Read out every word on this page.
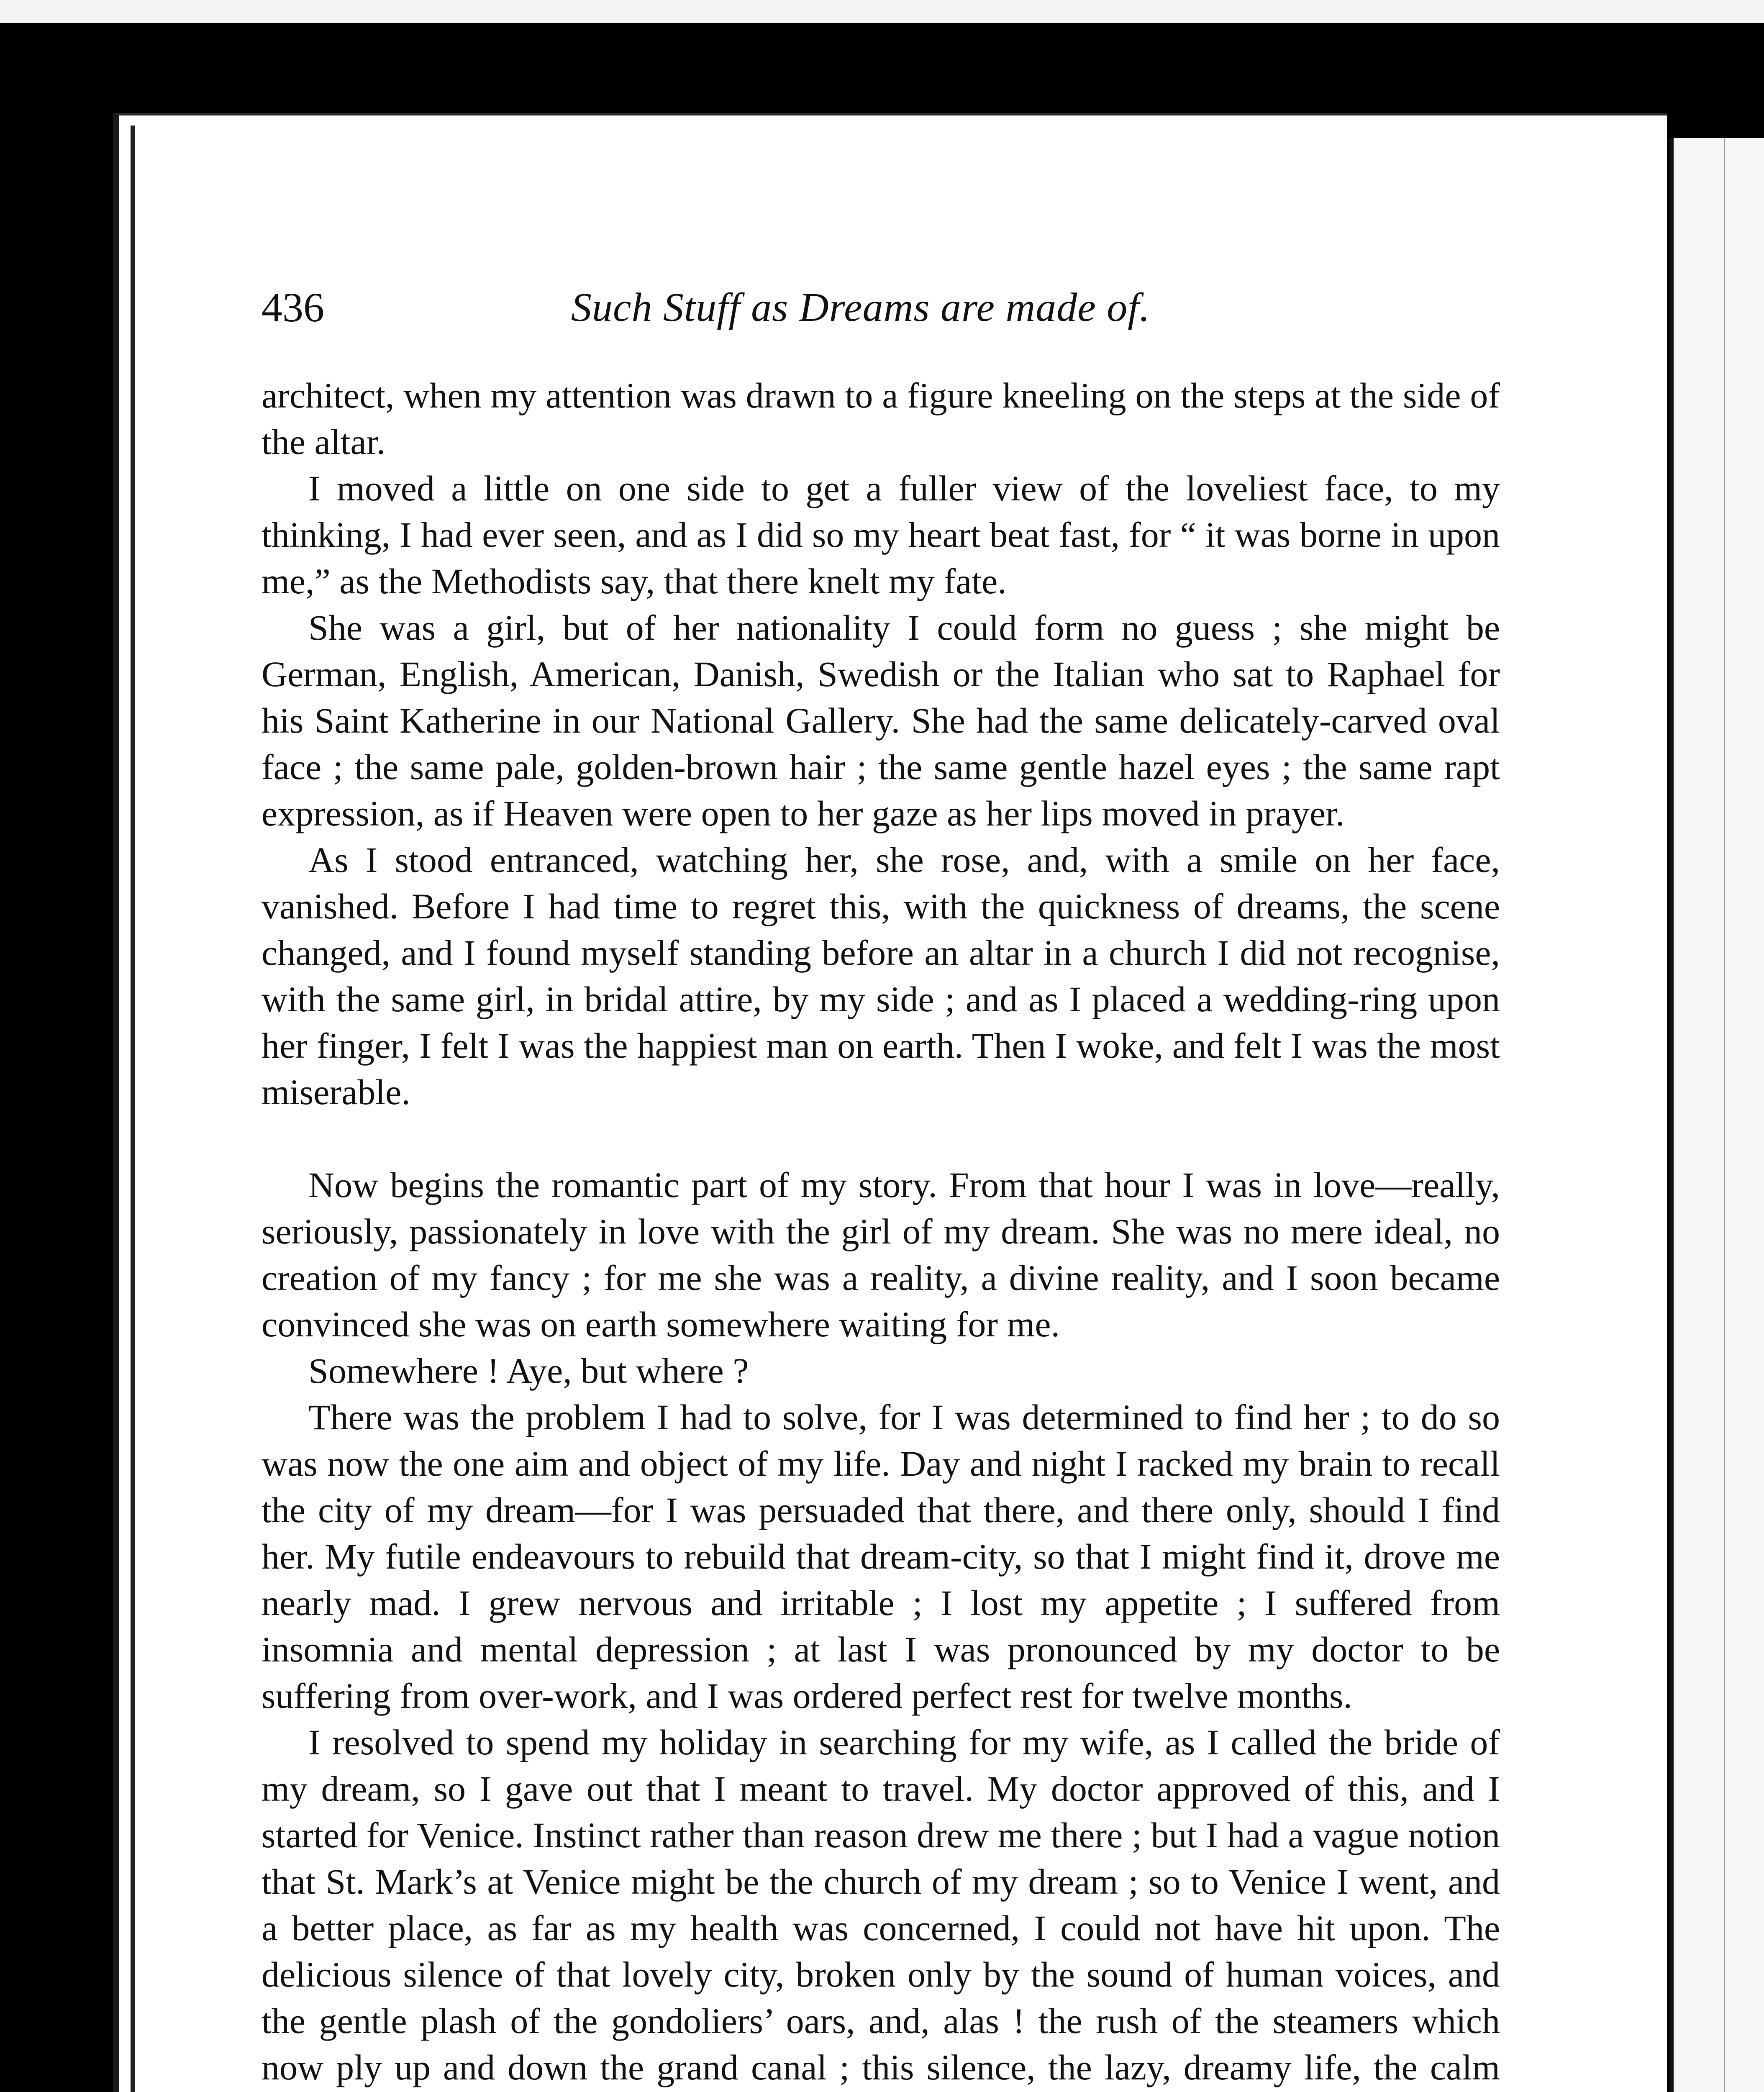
436	Such Stuff as Dreams are made of.

architect, when my attention was drawn to a figure kneeling on the steps at the side of the altar.

I moved a little on one side to get a fuller view of the loveliest face, to my thinking, I had ever seen, and as I did so my heart beat fast, for “ it was borne in upon me,” as the Methodists say, that there knelt my fate.

She was a girl, but of her nationality I could form no guess ; she might be German, English, American, Danish, Swedish or the Italian who sat to Raphael for his Saint Katherine in our National Gallery. She had the same delicately-carved oval face ; the same pale, golden-brown hair ; the same gentle hazel eyes ; the same rapt expression, as if Heaven were open to her gaze as her lips moved in prayer.

As I stood entranced, watching her, she rose, and, with a smile on her face, vanished. Before I had time to regret this, with the quickness of dreams, the scene changed, and I found myself standing before an altar in a church I did not recognise, with the same girl, in bridal attire, by my side ; and as I placed a wedding-ring upon her finger, I felt I was the happiest man on earth. Then I woke, and felt I was the most miserable.

Now begins the romantic part of my story. From that hour I was in love—really, seriously, passionately in love with the girl of my dream. She was no mere ideal, no creation of my fancy ; for me she was a reality, a divine reality, and I soon became convinced she was on earth somewhere waiting for me.

Somewhere ! Aye, but where ?

There was the problem I had to solve, for I was determined to find her ; to do so was now the one aim and object of my life. Day and night I racked my brain to recall the city of my dream—for I was persuaded that there, and there only, should I find her. My futile endeavours to rebuild that dream-city, so that I might find it, drove me nearly mad. I grew nervous and irritable ; I lost my appetite ; I suffered from insomnia and mental depression ; at last I was pronounced by my doctor to be suffering from over-work, and I was ordered perfect rest for twelve months.

I resolved to spend my holiday in searching for my wife, as I called the bride of my dream, so I gave out that I meant to travel. My doctor approved of this, and I started for Venice. Instinct rather than reason drew me there ; but I had a vague notion that St. Mark’s at Venice might be the church of my dream ; so to Venice I went, and a better place, as far as my health was concerned, I could not have hit upon. The delicious silence of that lovely city, broken only by the sound of human voices, and the gentle plash of the gondoliers’ oars, and, alas ! the rush of the steamers which now ply up and down the grand canal ; this silence, the lazy, dreamy life, the calm
